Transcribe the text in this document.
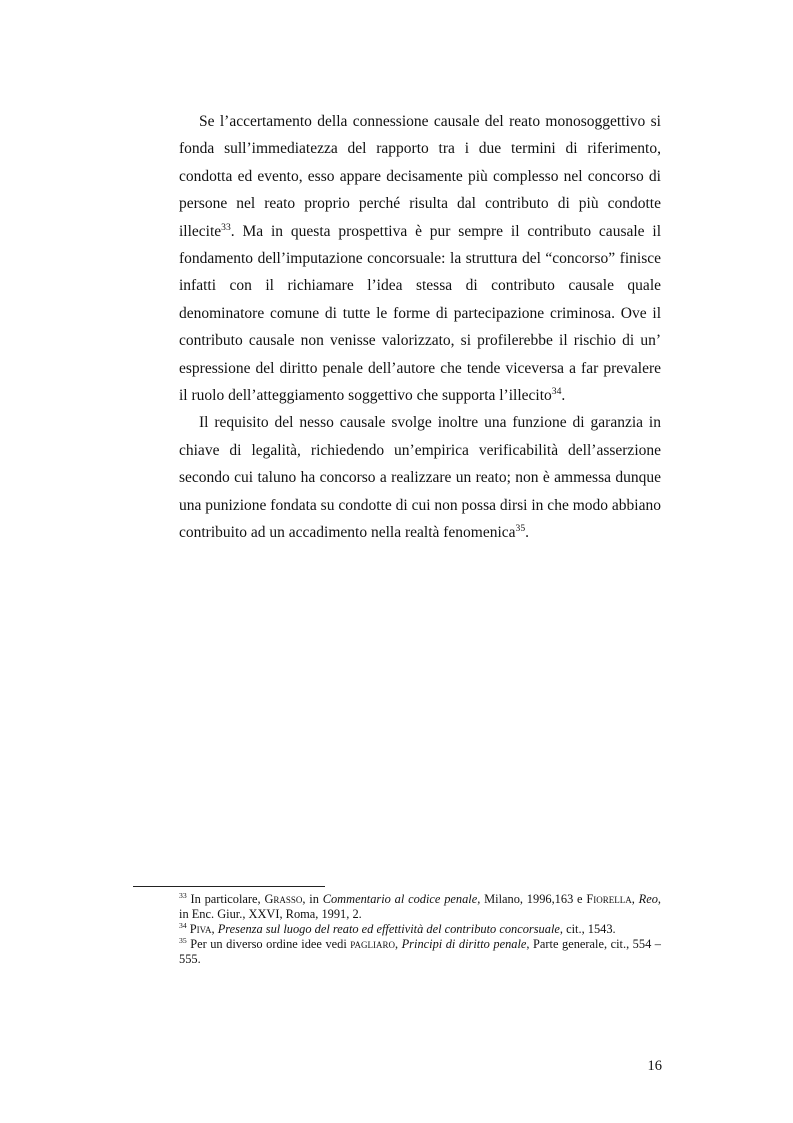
Se l’accertamento della connessione causale del reato monosoggettivo si fonda sull’immediatezza del rapporto tra i due termini di riferimento, condotta ed evento, esso appare decisamente più complesso nel concorso di persone nel reato proprio perché risulta dal contributo di più condotte illecite$^{33}$. Ma in questa prospettiva è pur sempre il contributo causale il fondamento dell’imputazione concorsuale: la struttura del “concorso” finisce infatti con il richiamare l’idea stessa di contributo causale quale denominatore comune di tutte le forme di partecipazione criminosa. Ove il contributo causale non venisse valorizzato, si profilerebbe il rischio di un’ espressione del diritto penale dell’autore che tende viceversa a far prevalere il ruolo dell’atteggiamento soggettivo che supporta l’illecito$^{34}$.

Il requisito del nesso causale svolge inoltre una funzione di garanzia in chiave di legalità, richiedendo un’empirica verificabilità dell’asserzione secondo cui taluno ha concorso a realizzare un reato; non è ammessa dunque una punizione fondata su condotte di cui non possa dirsi in che modo abbiano contribuito ad un accadimento nella realtà fenomenica$^{35}$.

$^{33}$ In particolare, Grasso, in Commentario al codice penale, Milano, 1996,163 e Fiorella, Reo, in Enc. Giur., XXVI, Roma, 1991, 2.

$^{34}$ Piva, Presenza sul luogo del reato ed effettività del contributo concorsuale, cit., 1543.

$^{35}$ Per un diverso ordine idee vedi pagliaro, Principi di diritto penale, Parte generale, cit., 554 –555.

16
